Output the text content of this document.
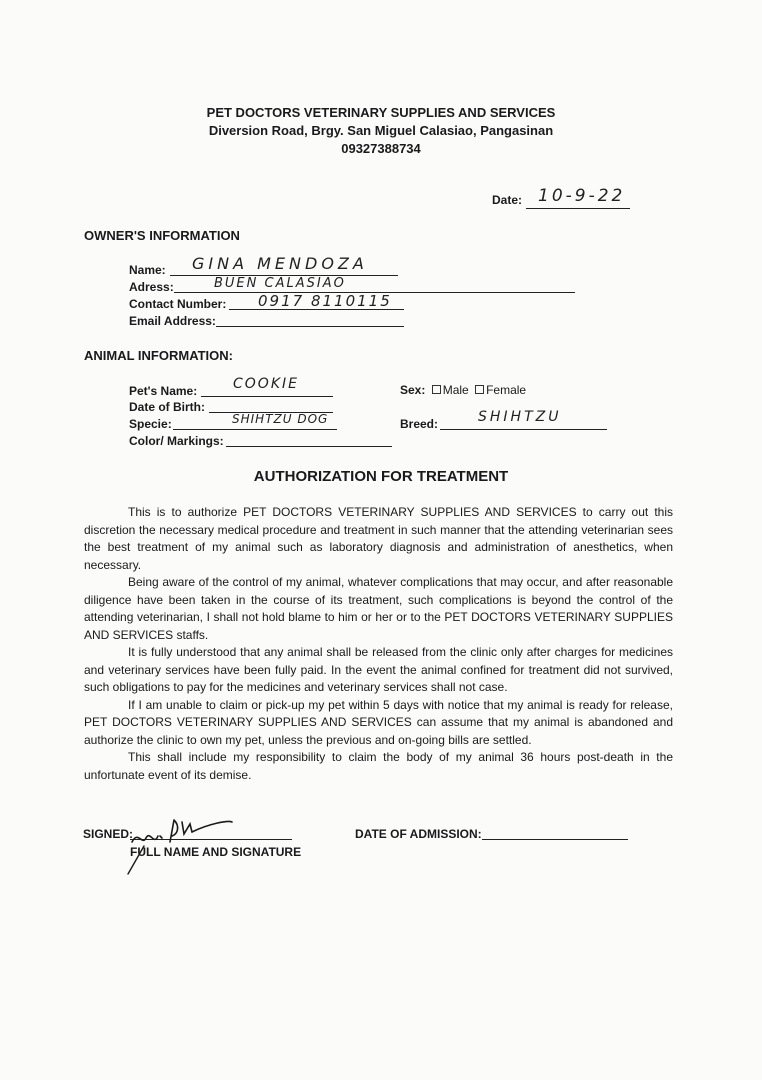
PET DOCTORS VETERINARY SUPPLIES AND SERVICES
Diversion Road, Brgy. San Miguel Calasiao, Pangasinan
09327388734
Date: 10-9-22
OWNER'S INFORMATION
Name: GINA MENDOZA
Adress:	BUEN CALASIAO
Contact Number: 0917 8110115
Email Address:
ANIMAL INFORMATION:
Pet's Name:	COOKIE
Date of Birth:
Specie:	SHIHTZU DOG
Color/ Markings:
Sex: Male Female
Breed:	SHIHTZU
AUTHORIZATION FOR TREATMENT

This is to authorize PET DOCTORS VETERINARY SUPPLIES AND SERVICES to carry out this discretion the necessary medical procedure and treatment in such manner that the attending veterinarian sees the best treatment of my animal such as laboratory diagnosis and administration of anesthetics, when necessary.

Being aware of the control of my animal, whatever complications that may occur, and after reasonable diligence have been taken in the course of its treatment, such complications is beyond the control of the attending veterinarian, I shall not hold blame to him or her or to the PET DOCTORS VETERINARY SUPPLIES AND SERVICES staffs.

It is fully understood that any animal shall be released from the clinic only after charges for medicines and veterinary services have been fully paid. In the event the animal confined for treatment did not survived, such obligations to pay for the medicines and veterinary services shall not case.

If I am unable to claim or pick-up my pet within 5 days with notice that my animal is ready for release, PET DOCTORS VETERINARY SUPPLIES AND SERVICES can assume that my animal is abandoned and authorize the clinic to own my pet, unless the previous and on-going bills are settled.

This shall include my responsibility to claim the body of my animal 36 hours post-death in the unfortunate event of its demise.

SIGNED:
FULL NAME AND SIGNATURE
DATE OF ADMISSION:
